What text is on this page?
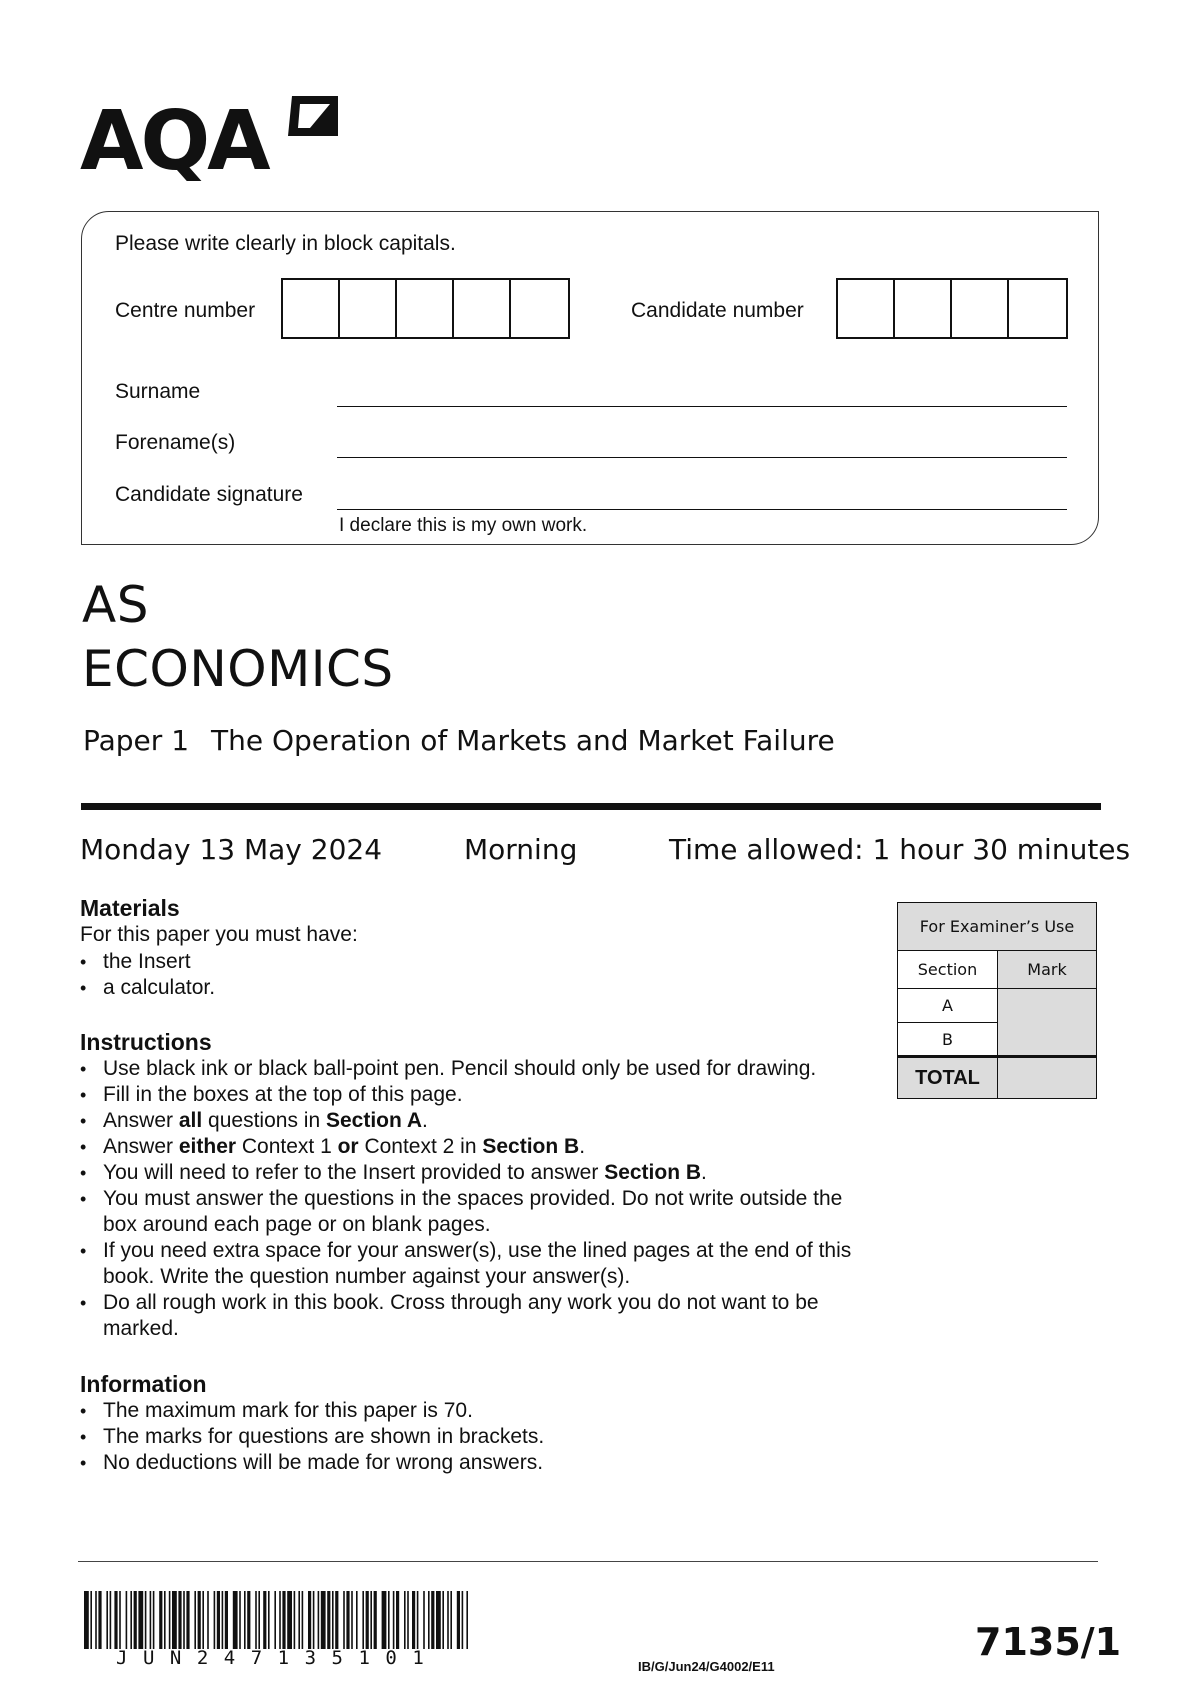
AQA
Please write clearly in block capitals.
Centre number	Candidate number
Surname
Forename(s)
Candidate signature
I declare this is my own work.
AS
ECONOMICS
Paper 1 The Operation of Markets and Market Failure
Monday 13 May 2024	Morning	Time allowed: 1 hour 30 minutes
Materials
For this paper you must have:
• the Insert
• a calculator.
Instructions
• Use black ink or black ball-point pen. Pencil should only be used for drawing.
• Fill in the boxes at the top of this page.
• Answer all questions in Section A.
• Answer either Context 1 or Context 2 in Section B.
• You will need to refer to the Insert provided to answer Section B.
• You must answer the questions in the spaces provided. Do not write outside the box around each page or on blank pages.
• If you need extra space for your answer(s), use the lined pages at the end of this book. Write the question number against your answer(s).
• Do all rough work in this book. Cross through any work you do not want to be marked.
Information
• The maximum mark for this paper is 70.
• The marks for questions are shown in brackets.
• No deductions will be made for wrong answers.
For Examiner’s Use	
Section	Mark
A	
B	
TOTAL	
JUN247135101	IB/G/Jun24/G4002/E11
7135/1
